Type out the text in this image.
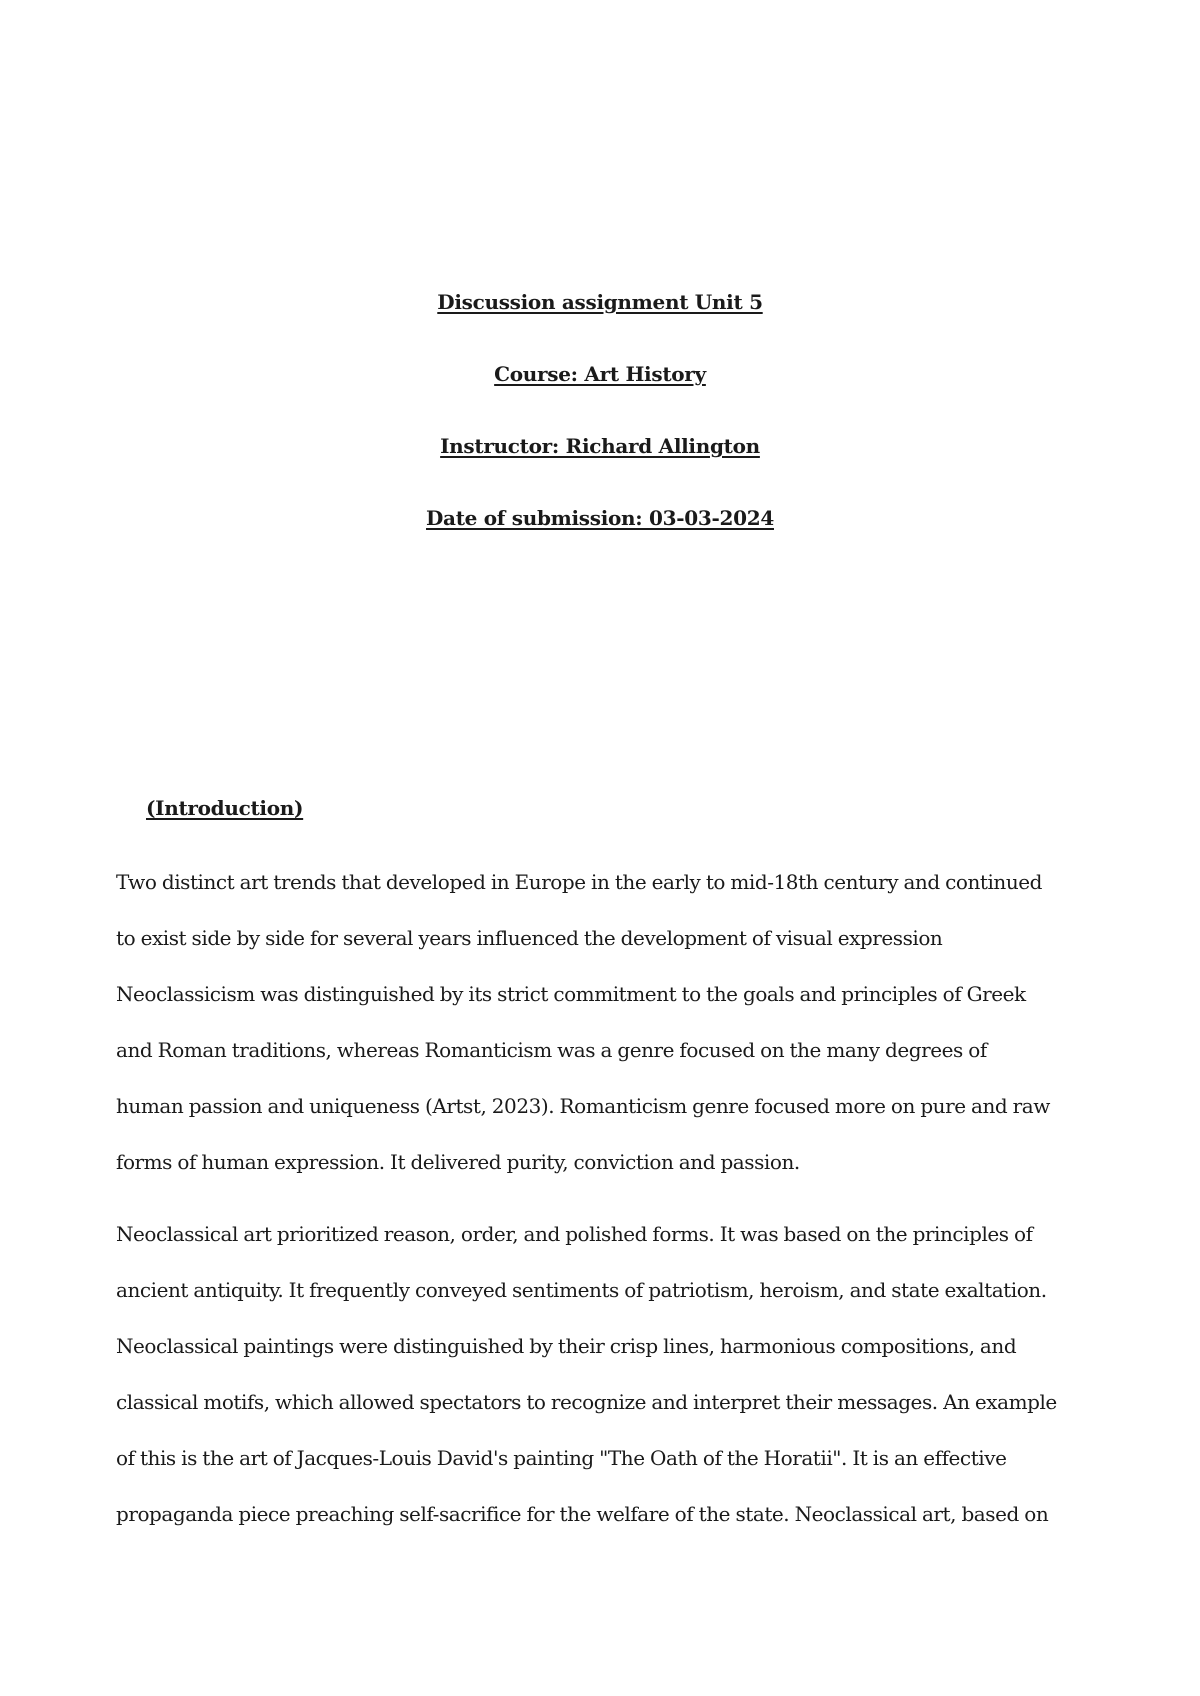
Discussion assignment Unit 5
Course: Art History
Instructor: Richard Allington
Date of submission: 03-03-2024
(Introduction)
Two distinct art trends that developed in Europe in the early to mid-18th century and continued
to exist side by side for several years influenced the development of visual expression
Neoclassicism was distinguished by its strict commitment to the goals and principles of Greek
and Roman traditions, whereas Romanticism was a genre focused on the many degrees of
human passion and uniqueness (Artst, 2023). Romanticism genre focused more on pure and raw
forms of human expression. It delivered purity, conviction and passion.
Neoclassical art prioritized reason, order, and polished forms. It was based on the principles of
ancient antiquity. It frequently conveyed sentiments of patriotism, heroism, and state exaltation.
Neoclassical paintings were distinguished by their crisp lines, harmonious compositions, and
classical motifs, which allowed spectators to recognize and interpret their messages. An example
of this is the art of Jacques-Louis David's painting "The Oath of the Horatii". It is an effective
propaganda piece preaching self-sacrifice for the welfare of the state. Neoclassical art, based on
